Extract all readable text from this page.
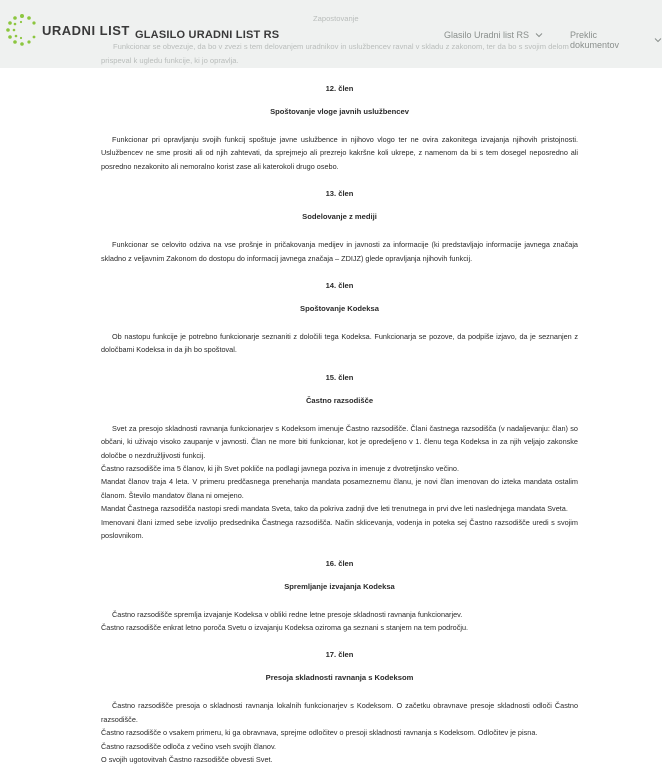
Zapostovanje
Funkcionar se obvezuje, da bo v zvezi s tem delovanjem uradnikov in uslužbencev ravnal v skladu z zakonom, ter da bo s svojim delom
prispeval k ugledu funkcije, ki jo opravlja.
URADNI LIST GLASILO URADNI LIST RS	Glasilo Uradni list RS	Preklic dokumentov
12. člen
Spoštovanje vloge javnih uslužbencev
Funkcionar pri opravljanju svojih funkcij spoštuje javne uslužbence in njihovo vlogo ter ne ovira zakonitega izvajanja njihovih pristojnosti. Uslužbencev ne sme prositi ali od njih zahtevati, da sprejmejo ali prezrejo kakršne koli ukrepe, z namenom da bi s tem dosegel neposredno ali posredno nezakonito ali nemoralno korist zase ali katerokoli drugo osebo.
13. člen
Sodelovanje z mediji
Funkcionar se celovito odziva na vse prošnje in pričakovanja medijev in javnosti za informacije (ki predstavljajo informacije javnega značaja skladno z veljavnim Zakonom do dostopu do informacij javnega značaja – ZDIJZ) glede opravljanja njihovih funkcij.
14. člen
Spoštovanje Kodeksa
Ob nastopu funkcije je potrebno funkcionarje seznaniti z določili tega Kodeksa. Funkcionarja se pozove, da podpiše izjavo, da je seznanjen z določbami Kodeksa in da jih bo spoštoval.
15. člen
Častno razsodišče
Svet za presojo skladnosti ravnanja funkcionarjev s Kodeksom imenuje Častno razsodišče. Člani častnega razsodišča (v nadaljevanju: član) so občani, ki uživajo visoko zaupanje v javnosti. Član ne more biti funkcionar, kot je opredeljeno v 1. členu tega Kodeksa in za njih veljajo zakonske določbe o nezdružljivosti funkcij.
Častno razsodišče ima 5 članov, ki jih Svet pokliče na podlagi javnega poziva in imenuje z dvotretjinsko večino.
Mandat članov traja 4 leta. V primeru predčasnega prenehanja mandata posameznemu članu, je novi član imenovan do izteka mandata ostalim članom. Število mandatov člana ni omejeno.
Mandat Častnega razsodišča nastopi sredi mandata Sveta, tako da pokriva zadnji dve leti trenutnega in prvi dve leti naslednjega mandata Sveta.
Imenovani člani izmed sebe izvolijo predsednika Častnega razsodišča. Način sklicevanja, vodenja in poteka sej Častno razsodišče uredi s svojim poslovnikom.
16. člen
Spremljanje izvajanja Kodeksa
Častno razsodišče spremlja izvajanje Kodeksa v obliki redne letne presoje skladnosti ravnanja funkcionarjev.
Častno razsodišče enkrat letno poroča Svetu o izvajanju Kodeksa oziroma ga seznani s stanjem na tem področju.
17. člen
Presoja skladnosti ravnanja s Kodeksom
Častno razsodišče presoja o skladnosti ravnanja lokalnih funkcionarjev s Kodeksom. O začetku obravnave presoje skladnosti odloči Častno razsodišče.
Častno razsodišče o vsakem primeru, ki ga obravnava, sprejme odločitev o presoji skladnosti ravnanja s Kodeksom. Odločitev je pisna.
Častno razsodišče odloča z večino vseh svojih članov.
O svojih ugotovitvah Častno razsodišče obvesti Svet.
